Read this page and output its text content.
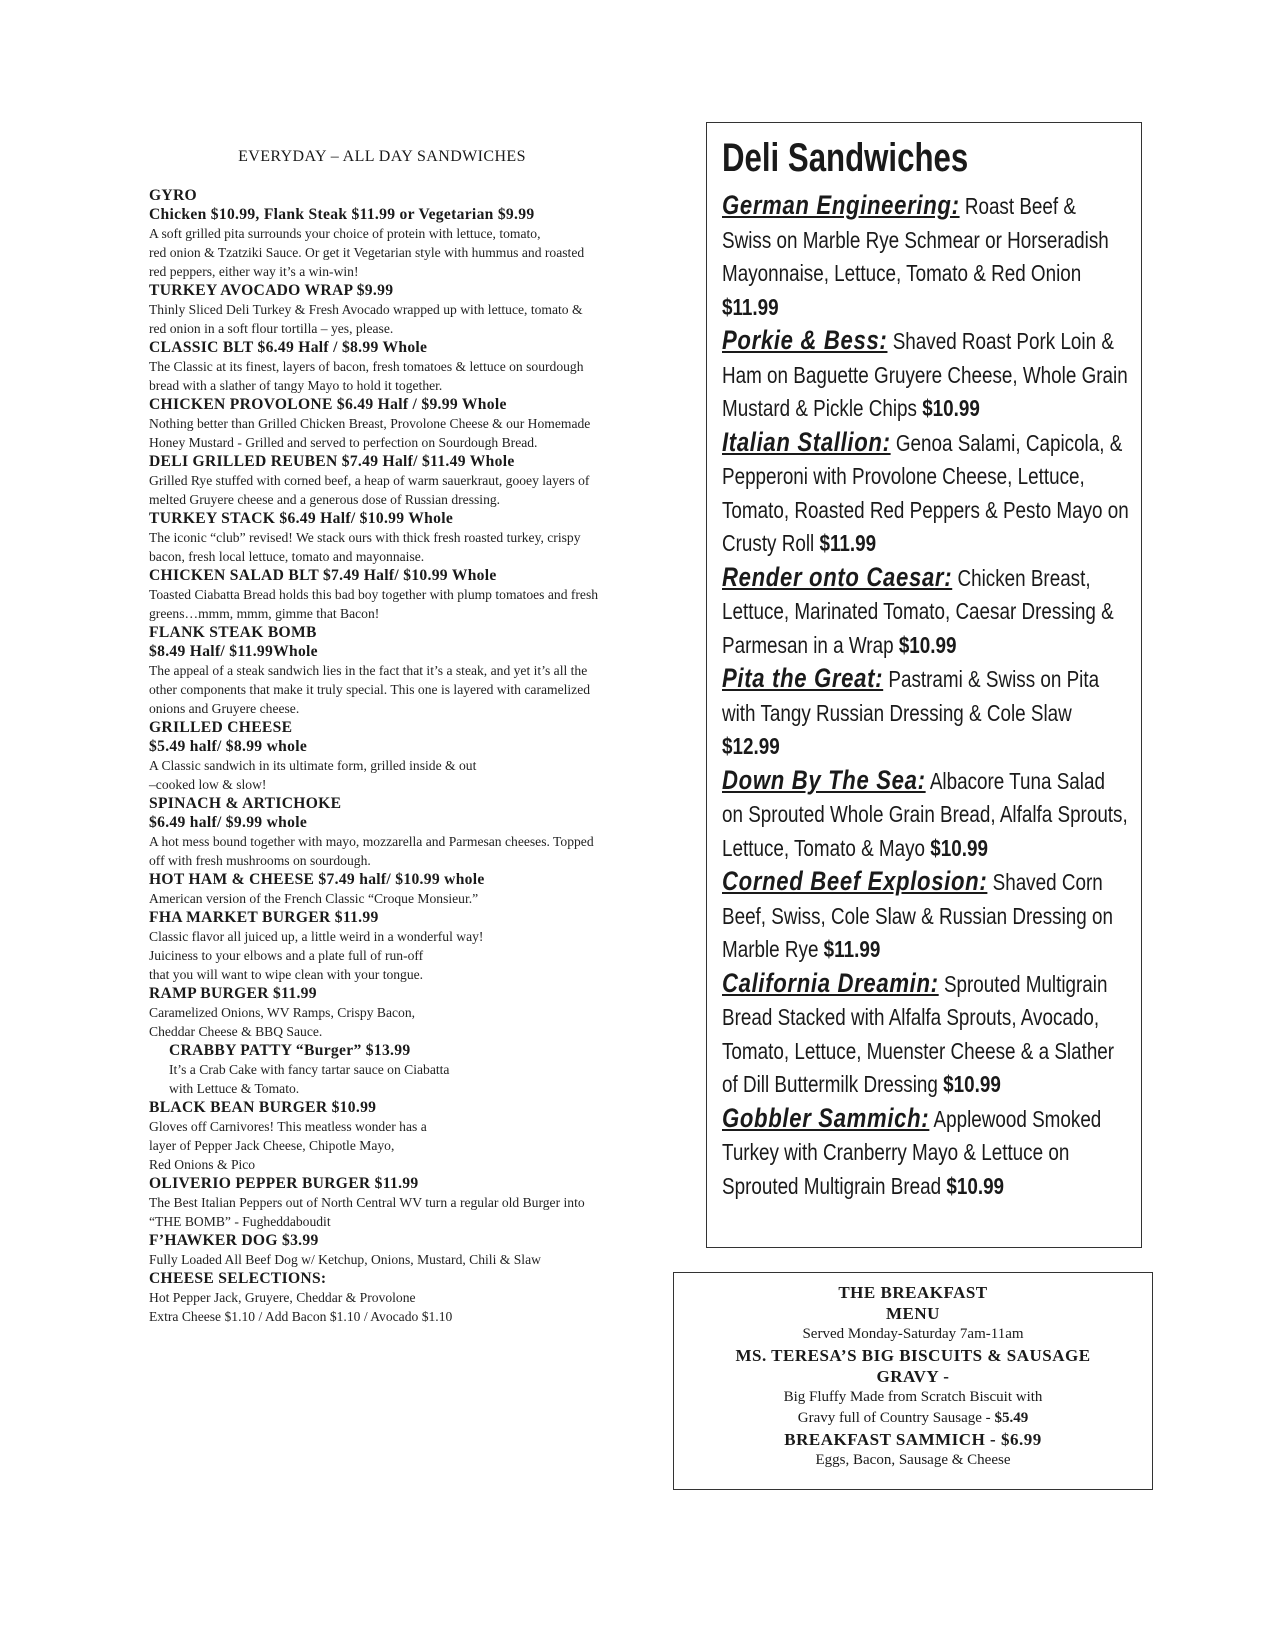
EVERYDAY – ALL DAY SANDWICHES
GYRO
Chicken $10.99, Flank Steak $11.99 or Vegetarian $9.99
A soft grilled pita surrounds your choice of protein with lettuce, tomato,
red onion & Tzatziki Sauce. Or get it Vegetarian style with hummus and roasted red peppers, either way it’s a win-win!
TURKEY AVOCADO WRAP $9.99
Thinly Sliced Deli Turkey & Fresh Avocado wrapped up with lettuce, tomato & red onion in a soft flour tortilla – yes, please.
CLASSIC BLT $6.49 Half / $8.99 Whole
The Classic at its finest, layers of bacon, fresh tomatoes & lettuce on sourdough bread with a slather of tangy Mayo to hold it together.
CHICKEN PROVOLONE $6.49 Half / $9.99 Whole
Nothing better than Grilled Chicken Breast, Provolone Cheese & our Homemade Honey Mustard - Grilled and served to perfection on Sourdough Bread.
DELI GRILLED REUBEN $7.49 Half/ $11.49 Whole
Grilled Rye stuffed with corned beef, a heap of warm sauerkraut, gooey layers of melted Gruyere cheese and a generous dose of Russian dressing.
TURKEY STACK $6.49 Half/ $10.99 Whole
The iconic “club” revised! We stack ours with thick fresh roasted turkey, crispy bacon, fresh local lettuce, tomato and mayonnaise.
CHICKEN SALAD BLT $7.49 Half/ $10.99 Whole
Toasted Ciabatta Bread holds this bad boy together with plump tomatoes and fresh greens…mmm, mmm, gimme that Bacon!
FLANK STEAK BOMB
$8.49 Half/ $11.99Whole
The appeal of a steak sandwich lies in the fact that it’s a steak, and yet it’s all the other components that make it truly special. This one is layered with caramelized onions and Gruyere cheese.
GRILLED CHEESE
$5.49 half/ $8.99 whole
A Classic sandwich in its ultimate form, grilled inside & out
–cooked low & slow!
SPINACH & ARTICHOKE
$6.49 half/ $9.99 whole
A hot mess bound together with mayo, mozzarella and Parmesan cheeses. Topped off with fresh mushrooms on sourdough.
HOT HAM & CHEESE $7.49 half/ $10.99 whole
American version of the French Classic “Croque Monsieur.”
FHA MARKET BURGER $11.99
Classic flavor all juiced up, a little weird in a wonderful way!
Juiciness to your elbows and a plate full of run-off
that you will want to wipe clean with your tongue.
RAMP BURGER $11.99
Caramelized Onions, WV Ramps, Crispy Bacon,
Cheddar Cheese & BBQ Sauce.
CRABBY PATTY “Burger” $13.99
It’s a Crab Cake with fancy tartar sauce on Ciabatta
with Lettuce & Tomato.
BLACK BEAN BURGER $10.99
Gloves off Carnivores! This meatless wonder has a
layer of Pepper Jack Cheese, Chipotle Mayo,
Red Onions & Pico
OLIVERIO PEPPER BURGER $11.99
The Best Italian Peppers out of North Central WV turn a regular old Burger into “THE BOMB” - Fugheddaboudit
F’HAWKER DOG $3.99
Fully Loaded All Beef Dog w/ Ketchup, Onions, Mustard, Chili & Slaw
CHEESE SELECTIONS:
Hot Pepper Jack, Gruyere, Cheddar & Provolone
Extra Cheese $1.10 / Add Bacon $1.10 / Avocado $1.10
Deli Sandwiches
German Engineering: Roast Beef & Swiss on Marble Rye Schmear or Horseradish Mayonnaise, Lettuce, Tomato & Red Onion $11.99
Porkie & Bess: Shaved Roast Pork Loin & Ham on Baguette Gruyere Cheese, Whole Grain Mustard & Pickle Chips $10.99
Italian Stallion: Genoa Salami, Capicola, & Pepperoni with Provolone Cheese, Lettuce, Tomato, Roasted Red Peppers & Pesto Mayo on Crusty Roll $11.99
Render onto Caesar: Chicken Breast, Lettuce, Marinated Tomato, Caesar Dressing & Parmesan in a Wrap $10.99
Pita the Great: Pastrami & Swiss on Pita with Tangy Russian Dressing & Cole Slaw $12.99
Down By The Sea: Albacore Tuna Salad on Sprouted Whole Grain Bread, Alfalfa Sprouts, Lettuce, Tomato & Mayo $10.99
Corned Beef Explosion: Shaved Corn Beef, Swiss, Cole Slaw & Russian Dressing on Marble Rye $11.99
California Dreamin: Sprouted Multigrain Bread Stacked with Alfalfa Sprouts, Avocado, Tomato, Lettuce, Muenster Cheese & a Slather of Dill Buttermilk Dressing $10.99
Gobbler Sammich: Applewood Smoked Turkey with Cranberry Mayo & Lettuce on Sprouted Multigrain Bread $10.99
THE BREAKFAST
MENU
Served Monday-Saturday 7am-11am
MS. TERESA’S BIG BISCUITS & SAUSAGE GRAVY -
Big Fluffy Made from Scratch Biscuit with
Gravy full of Country Sausage - $5.49
BREAKFAST SAMMICH - $6.99
Eggs, Bacon, Sausage & Cheese
